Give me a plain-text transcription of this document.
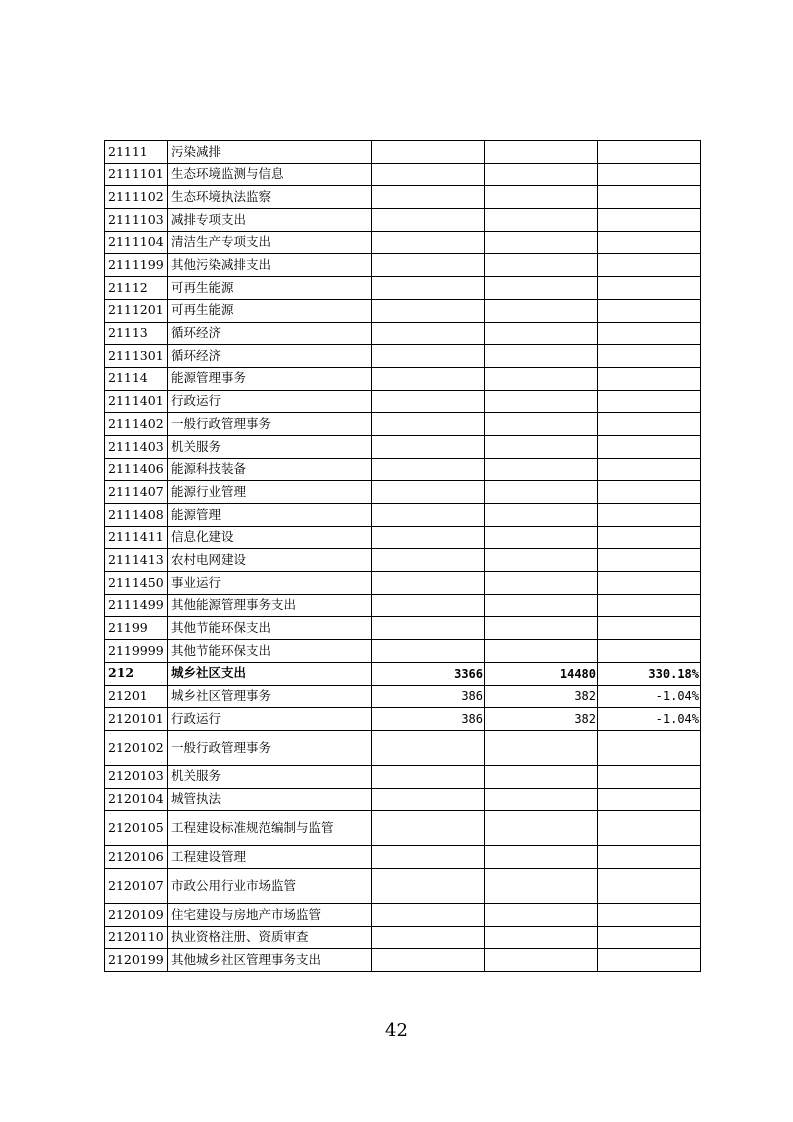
21111	污染减排			
2111101	生态环境监测与信息			
2111102	生态环境执法监察			
2111103	减排专项支出			
2111104	清洁生产专项支出			
2111199	其他污染减排支出			
21112	可再生能源			
2111201	可再生能源			
21113	循环经济			
2111301	循环经济			
21114	能源管理事务			
2111401	行政运行			
2111402	一般行政管理事务			
2111403	机关服务			
2111406	能源科技装备			
2111407	能源行业管理			
2111408	能源管理			
2111411	信息化建设			
2111413	农村电网建设			
2111450	事业运行			
2111499	其他能源管理事务支出			
21199	其他节能环保支出			
2119999	其他节能环保支出			
212	城乡社区支出	3366	14480	330.18%
21201	城乡社区管理事务	386	382	-1.04%
2120101	行政运行	386	382	-1.04%
2120102	一般行政管理事务			
2120103	机关服务			
2120104	城管执法			
2120105	工程建设标准规范编制与监管			
2120106	工程建设管理			
2120107	市政公用行业市场监管			
2120109	住宅建设与房地产市场监管			
2120110	执业资格注册、资质审查			
2120199	其他城乡社区管理事务支出			
42
